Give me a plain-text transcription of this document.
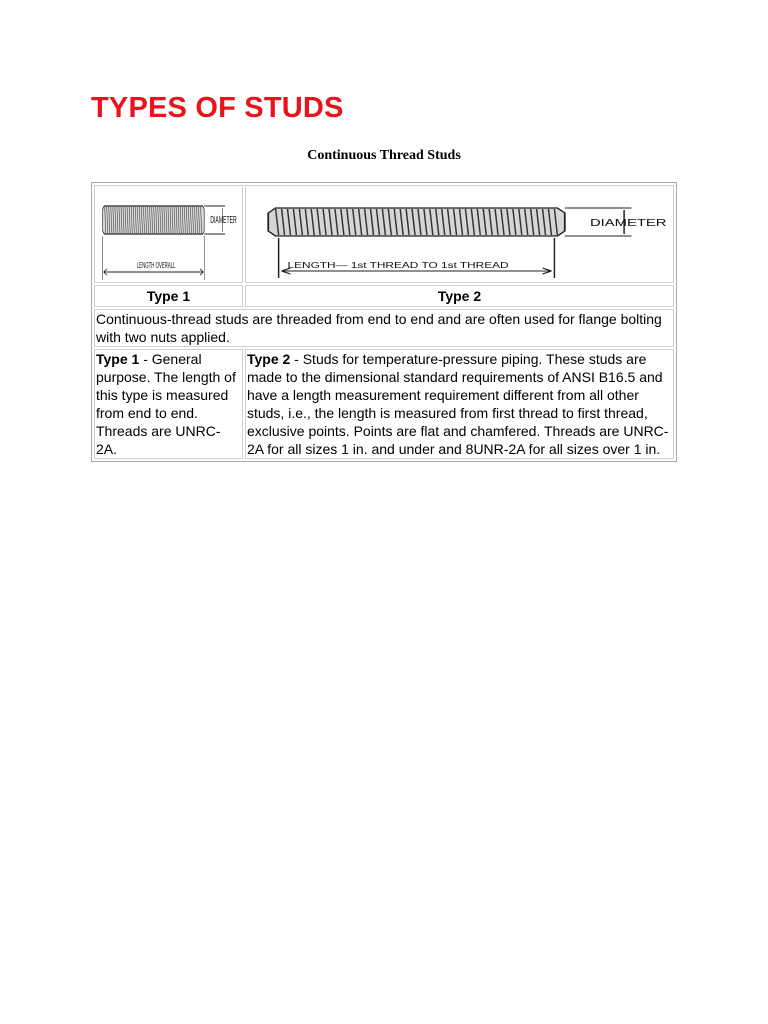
TYPES OF STUDS
Continuous Thread Studs
DIAMETER
LENGTH OVERALL	DIAMETER
LENGTH— 1st THREAD TO 1st THREAD

Type 1	Type 2
Continuous-thread studs are threaded from end to end and are often used for flange bolting with two nuts applied.	
Type 1 - General purpose. The length of this type is measured from end to end. Threads are UNRC-2A.	Type 2 - Studs for temperature-pressure piping. These studs are made to the dimensional standard requirements of ANSI B16.5 and have a length measurement requirement different from all other studs, i.e., the length is measured from first thread to first thread, exclusive points. Points are flat and chamfered. Threads are UNRC-2A for all sizes 1 in. and under and 8UNR-2A for all sizes over 1 in.
